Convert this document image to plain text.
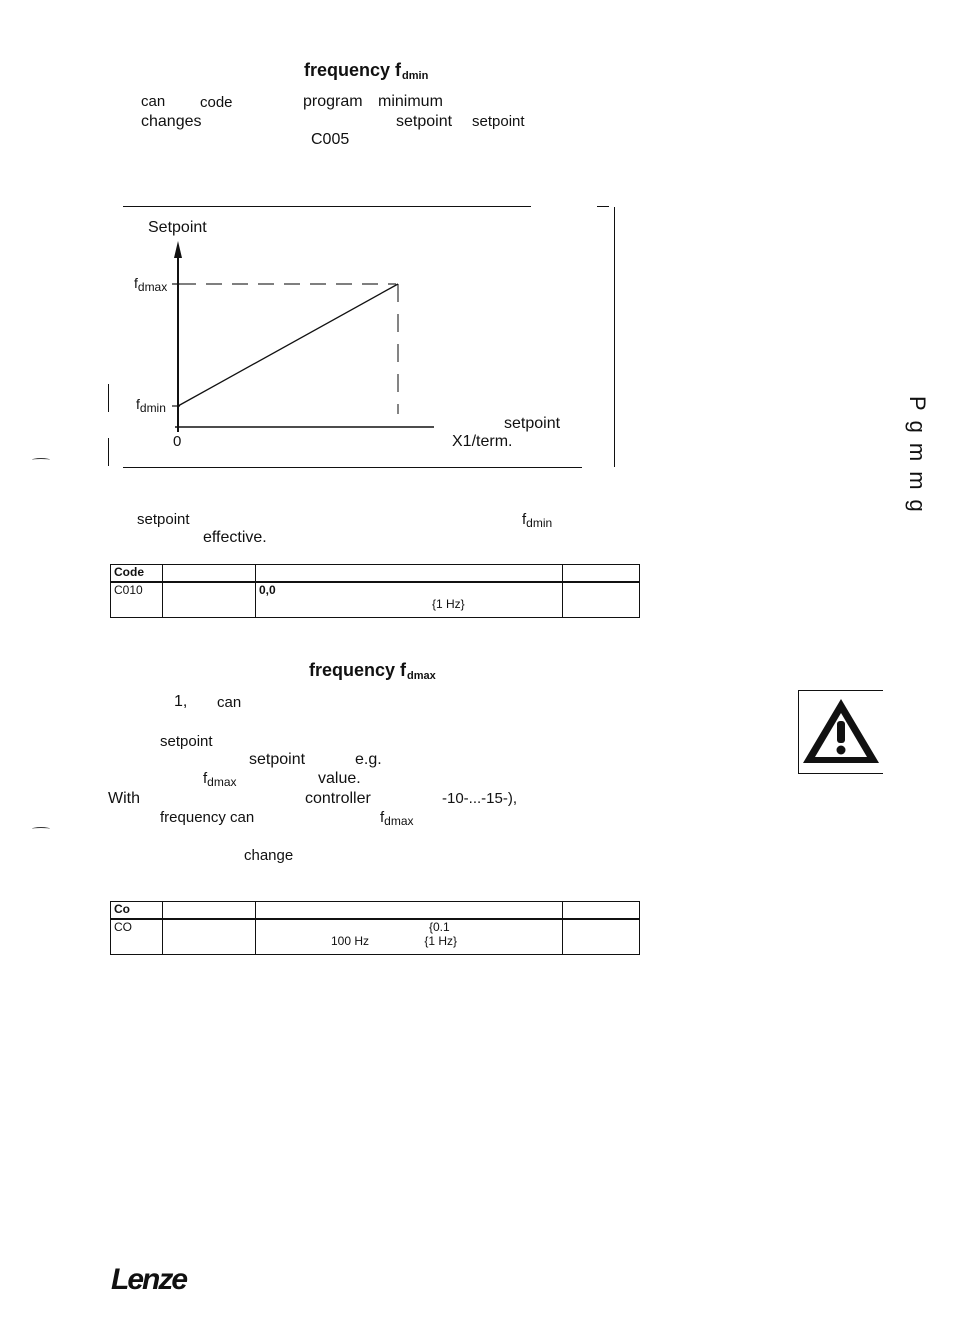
frequency $f_{dmin}$
can code	program minimum
changes	setpoint setpoint
C005
Setpoint
fdmax
fdmin
0
setpoint
X1/term.
setpoint	$f_{dmin}$
effective.
Code			
C010		0,0
{1 Hz}	
frequency $f_{dmax}$
1, can
setpoint
setpoint	e.g.
$f_{dmax}$	value.
With	controller	-10-...-15-),
frequency can	$f_{dmax}$
change
Co			
CO		{0.1
100 Hz {1 Hz}	
Pgmmg
Lenze
